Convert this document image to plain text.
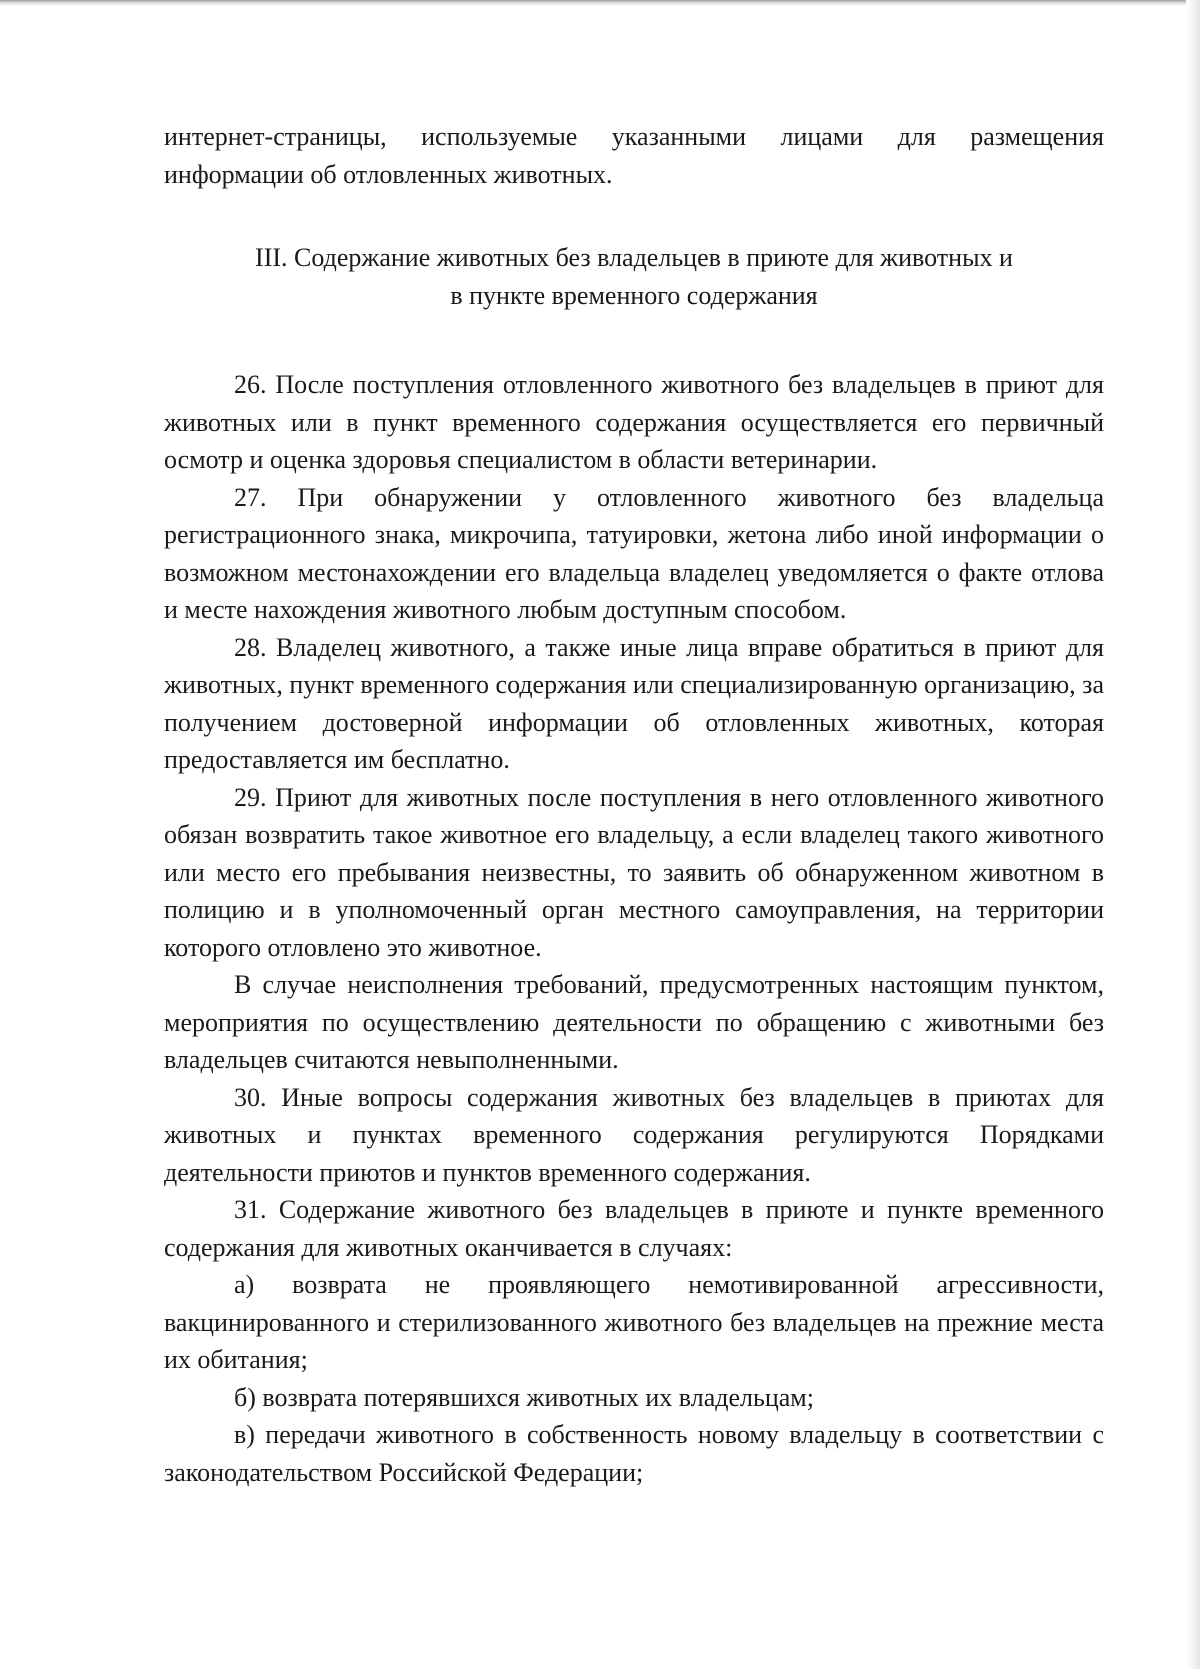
интернет-страницы, используемые указанными лицами для размещения информации об отловленных животных.

III. Содержание животных без владельцев в приюте для животных и
в пункте временного содержания

26. После поступления отловленного животного без владельцев в приют для животных или в пункт временного содержания осуществляется его первичный осмотр и оценка здоровья специалистом в области ветеринарии.

27. При обнаружении у отловленного животного без владельца регистрационного знака, микрочипа, татуировки, жетона либо иной информации о возможном местонахождении его владельца владелец уведомляется о факте отлова и месте нахождения животного любым доступным способом.

28. Владелец животного, а также иные лица вправе обратиться в приют для животных, пункт временного содержания или специализированную организацию, за получением достоверной информации об отловленных животных, которая предоставляется им бесплатно.

29. Приют для животных после поступления в него отловленного животного обязан возвратить такое животное его владельцу, а если владелец такого животного или место его пребывания неизвестны, то заявить об обнаруженном животном в полицию и в уполномоченный орган местного самоуправления, на территории которого отловлено это животное.

В случае неисполнения требований, предусмотренных настоящим пунктом, мероприятия по осуществлению деятельности по обращению с животными без владельцев считаются невыполненными.

30. Иные вопросы содержания животных без владельцев в приютах для животных и пунктах временного содержания регулируются Порядками деятельности приютов и пунктов временного содержания.

31. Содержание животного без владельцев в приюте и пункте временного содержания для животных оканчивается в случаях:

а) возврата не проявляющего немотивированной агрессивности, вакцинированного и стерилизованного животного без владельцев на прежние места их обитания;

б) возврата потерявшихся животных их владельцам;

в) передачи животного в собственность новому владельцу в соответствии с законодательством Российской Федерации;
